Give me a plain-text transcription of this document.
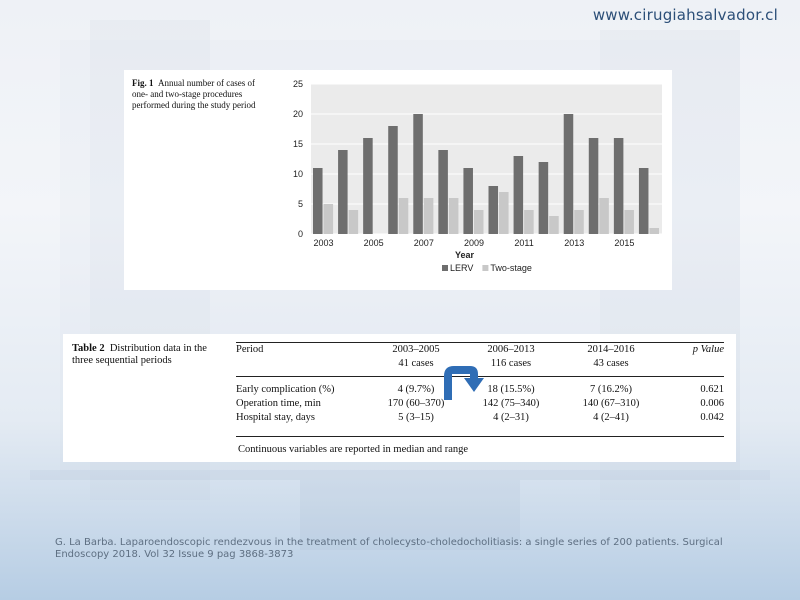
www.cirugiahsalvador.cl
Fig. 1 Annual number of cases of one- and two-stage procedures performed during the study period
0
5
10
15
20
25
2003	2005	2007	2009	2011	2013	2015
Year
LERV Two-stage
Table 2 Distribution data in the three sequential periods
Period	2003–2005	2006–2013	2014–2016	p Value
	41 cases	116 cases	43 cases	

Early complication (%)	4 (9.7%)	18 (15.5%)	7 (16.2%)	0.621
Operation time, min	170 (60–370)	142 (75–340)	140 (67–310)	0.006
Hospital stay, days	5 (3–15)	4 (2–31)	4 (2–41)	0.042
Continuous variables are reported in median and range
G. La Barba. Laparoendoscopic rendezvous in the treatment of cholecysto-choledocholitiasis: a single series of 200 patients. Surgical Endoscopy 2018. Vol 32 Issue 9 pag 3868-3873
